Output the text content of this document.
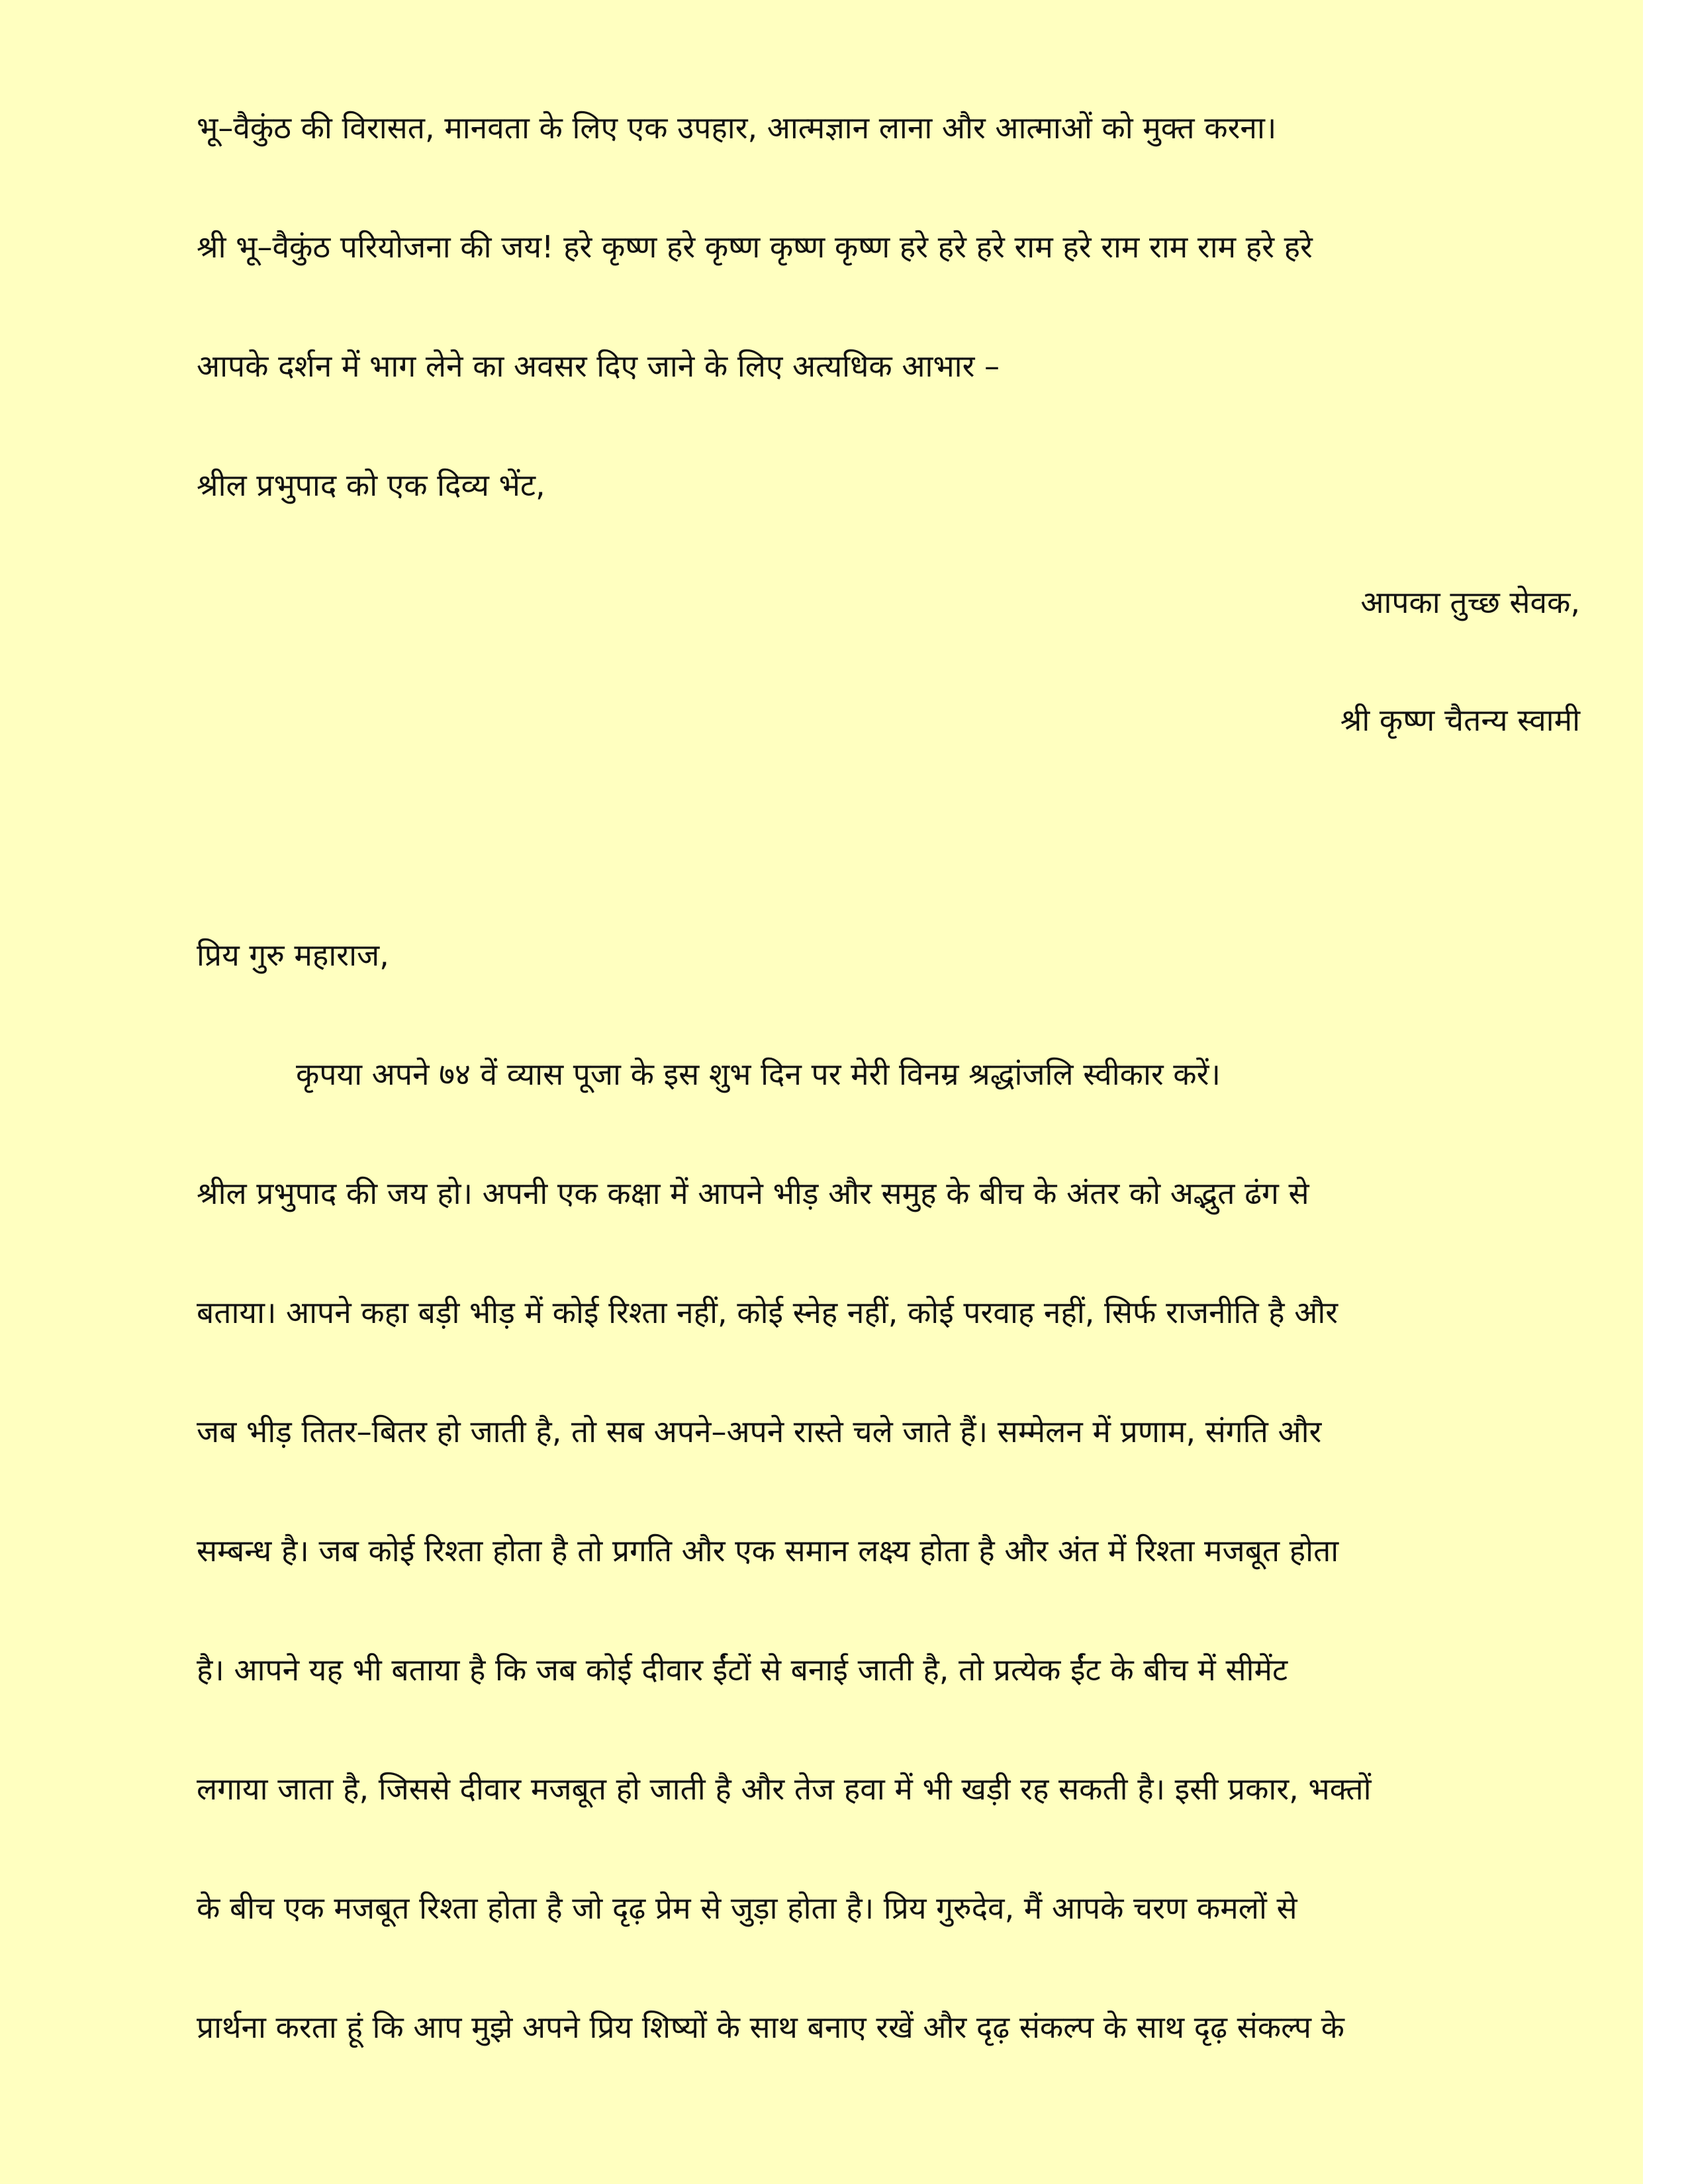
भू–वैकुंठ की विरासत, मानवता के लिए एक उपहार, आत्मज्ञान लाना और आत्माओं को मुक्त करना।
श्री भू–वैकुंठ परियोजना की जय! हरे कृष्ण हरे कृष्ण कृष्ण कृष्ण हरे हरे हरे राम हरे राम राम राम हरे हरे
आपके दर्शन में भाग लेने का अवसर दिए जाने के लिए अत्यधिक आभार –
श्रील प्रभुपाद को एक दिव्य भेंट,
आपका तुच्छ सेवक,
श्री कृष्ण चैतन्य स्वामी
प्रिय गुरु महाराज,
कृपया अपने ७४ वें व्यास पूजा के इस शुभ दिन पर मेरी विनम्र श्रद्धांजलि स्वीकार करें।
श्रील प्रभुपाद की जय हो। अपनी एक कक्षा में आपने भीड़ और समुह के बीच के अंतर को अद्भुत ढंग से
बताया। आपने कहा बड़ी भीड़ में कोई रिश्ता नहीं, कोई स्नेह नहीं, कोई परवाह नहीं, सिर्फ राजनीति है और
जब भीड़ तितर–बितर हो जाती है, तो सब अपने–अपने रास्ते चले जाते हैं। सम्मेलन में प्रणाम, संगति और
सम्बन्ध है। जब कोई रिश्ता होता है तो प्रगति और एक समान लक्ष्य होता है और अंत में रिश्ता मजबूत होता
है। आपने यह भी बताया है कि जब कोई दीवार ईंटों से बनाई जाती है, तो प्रत्येक ईंट के बीच में सीमेंट
लगाया जाता है, जिससे दीवार मजबूत हो जाती है और तेज हवा में भी खड़ी रह सकती है। इसी प्रकार, भक्तों
के बीच एक मजबूत रिश्ता होता है जो दृढ़ प्रेम से जुड़ा होता है। प्रिय गुरुदेव, मैं आपके चरण कमलों से
प्रार्थना करता हूं कि आप मुझे अपने प्रिय शिष्यों के साथ बनाए रखें और दृढ़ संकल्प के साथ दृढ़ संकल्प के
